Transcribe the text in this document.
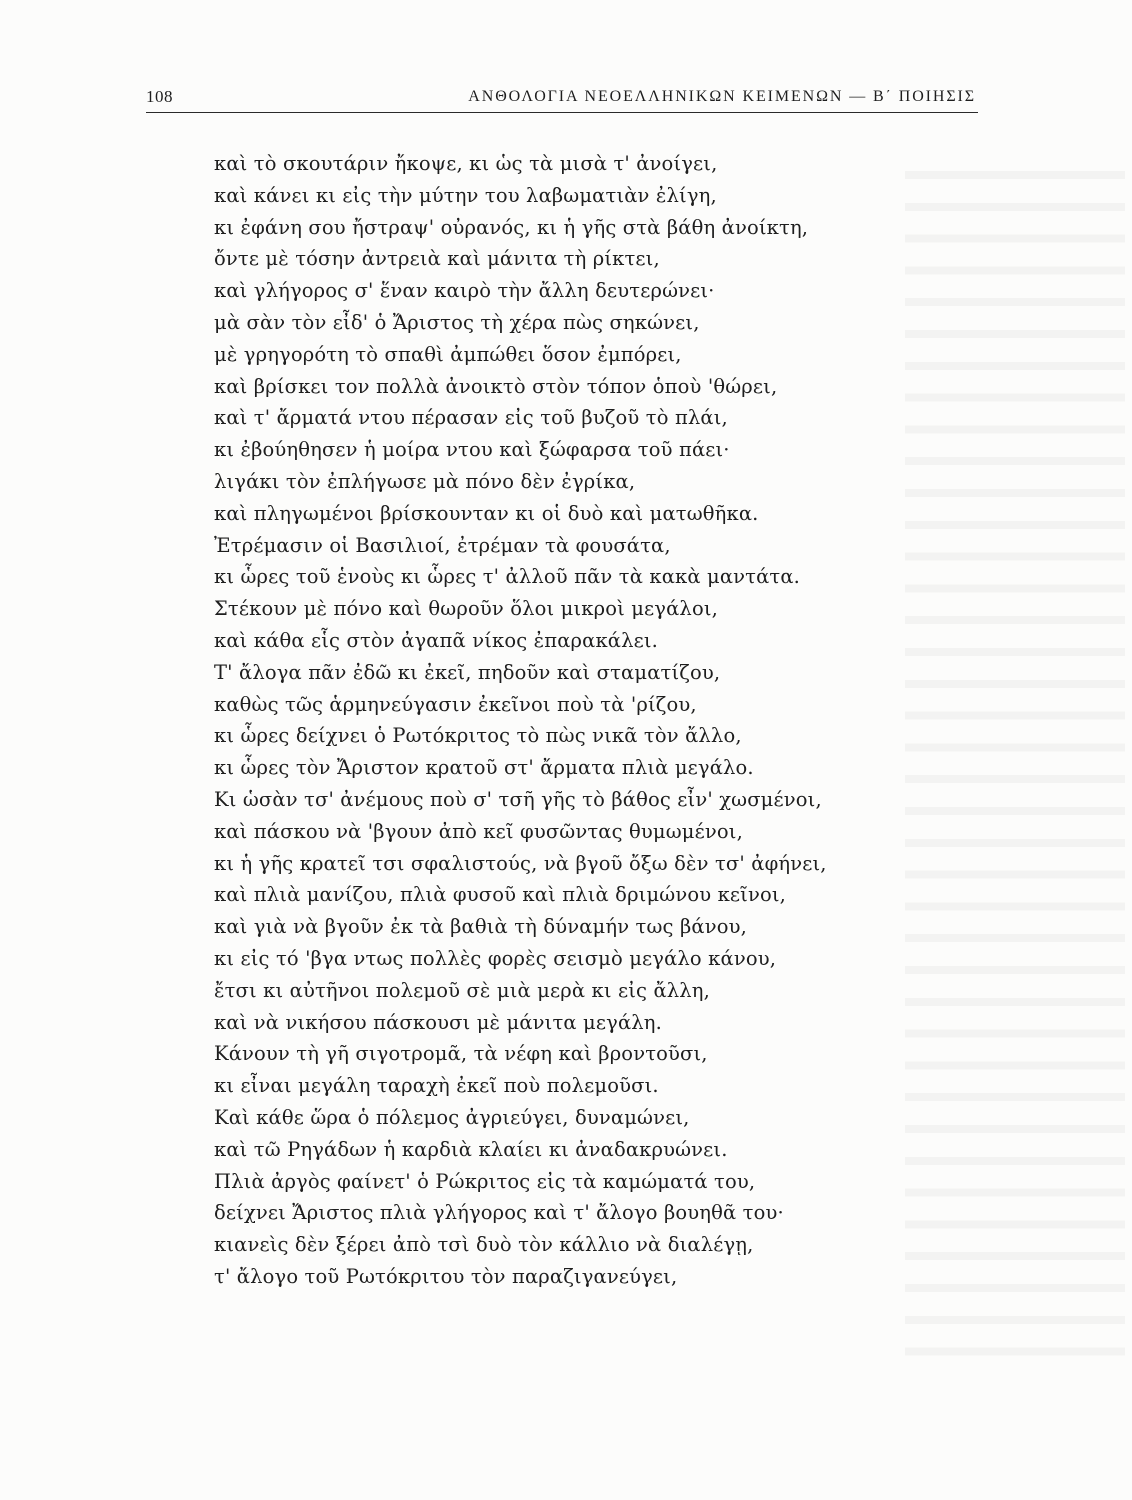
108	ΑΝΘΟΛΟΓΙΑ ΝΕΟΕΛΛΗΝΙΚΩΝ ΚΕΙΜΕΝΩΝ — Β΄ ΠΟΙΗΣΙΣ
καὶ τὸ σκουτάριν ἤκοψε, κι ὡς τὰ μισὰ τ' ἀνοίγει,
καὶ κάνει κι εἰς τὴν μύτην του λαβωματιὰν ἐλίγη,
κι ἐφάνη σου ἤστραψ' οὐρανός, κι ἡ γῆς στὰ βάθη ἀνοίκτη,
ὄντε μὲ τόσην ἀντρειὰ καὶ μάνιτα τὴ ρίκτει,
καὶ γλήγορος σ' ἕναν καιρὸ τὴν ἄλλη δευτερώνει·
μὰ σὰν τὸν εἶδ' ὁ Ἄριστος τὴ χέρα πὼς σηκώνει,
μὲ γρηγορότη τὸ σπαθὶ ἀμπώθει ὅσον ἐμπόρει,
καὶ βρίσκει τον πολλὰ ἀνοικτὸ στὸν τόπον ὁποὺ 'θώρει,
καὶ τ' ἄρματά ντου πέρασαν εἰς τοῦ βυζοῦ τὸ πλάι,
κι ἐβούηθησεν ἡ μοίρα ντου καὶ ξώφαρσα τοῦ πάει·
λιγάκι τὸν ἐπλήγωσε μὰ πόνο δὲν ἐγρίκα,
καὶ πληγωμένοι βρίσκουνταν κι οἱ δυὸ καὶ ματωθῆκα.
Ἐτρέμασιν οἱ Βασιλιοί, ἐτρέμαν τὰ φουσάτα,
κι ὧρες τοῦ ἑνοὺς κι ὧρες τ' ἀλλοῦ πᾶν τὰ κακὰ μαντάτα.
Στέκουν μὲ πόνο καὶ θωροῦν ὅλοι μικροὶ μεγάλοι,
καὶ κάθα εἷς στὸν ἀγαπᾶ νίκος ἐπαρακάλει.
Τ' ἄλογα πᾶν ἐδῶ κι ἐκεῖ, πηδοῦν καὶ σταματίζου,
καθὼς τῶς ἁρμηνεύγασιν ἐκεῖνοι ποὺ τὰ 'ρίζου,
κι ὧρες δείχνει ὁ Ρωτόκριτος τὸ πὼς νικᾶ τὸν ἄλλο,
κι ὧρες τὸν Ἄριστον κρατοῦ στ' ἄρματα πλιὰ μεγάλο.
Κι ὡσὰν τσ' ἀνέμους ποὺ σ' τσῆ γῆς τὸ βάθος εἶν' χωσμένοι,
καὶ πάσκου νὰ 'βγουν ἀπὸ κεῖ φυσῶντας θυμωμένοι,
κι ἡ γῆς κρατεῖ τσι σφαλιστούς, νὰ βγοῦ ὄξω δὲν τσ' ἀφήνει,
καὶ πλιὰ μανίζου, πλιὰ φυσοῦ καὶ πλιὰ δριμώνου κεῖνοι,
καὶ γιὰ νὰ βγοῦν ἐκ τὰ βαθιὰ τὴ δύναμήν τως βάνου,
κι εἰς τό 'βγα ντως πολλὲς φορὲς σεισμὸ μεγάλο κάνου,
ἔτσι κι αὐτῆνοι πολεμοῦ σὲ μιὰ μερὰ κι εἰς ἄλλη,
καὶ νὰ νικήσου πάσκουσι μὲ μάνιτα μεγάλη.
Κάνουν τὴ γῆ σιγοτρομᾶ, τὰ νέφη καὶ βροντοῦσι,
κι εἶναι μεγάλη ταραχὴ ἐκεῖ ποὺ πολεμοῦσι.
Καὶ κάθε ὥρα ὁ πόλεμος ἀγριεύγει, δυναμώνει,
καὶ τῶ Ρηγάδων ἡ καρδιὰ κλαίει κι ἀναδακρυώνει.
Πλιὰ ἀργὸς φαίνετ' ὁ Ρώκριτος εἰς τὰ καμώματά του,
δείχνει Ἄριστος πλιὰ γλήγορος καὶ τ' ἄλογο βουηθᾶ του·
κιανεὶς δὲν ξέρει ἀπὸ τσὶ δυὸ τὸν κάλλιο νὰ διαλέγῃ,
τ' ἄλογο τοῦ Ρωτόκριτου τὸν παραζιγανεύγει,
